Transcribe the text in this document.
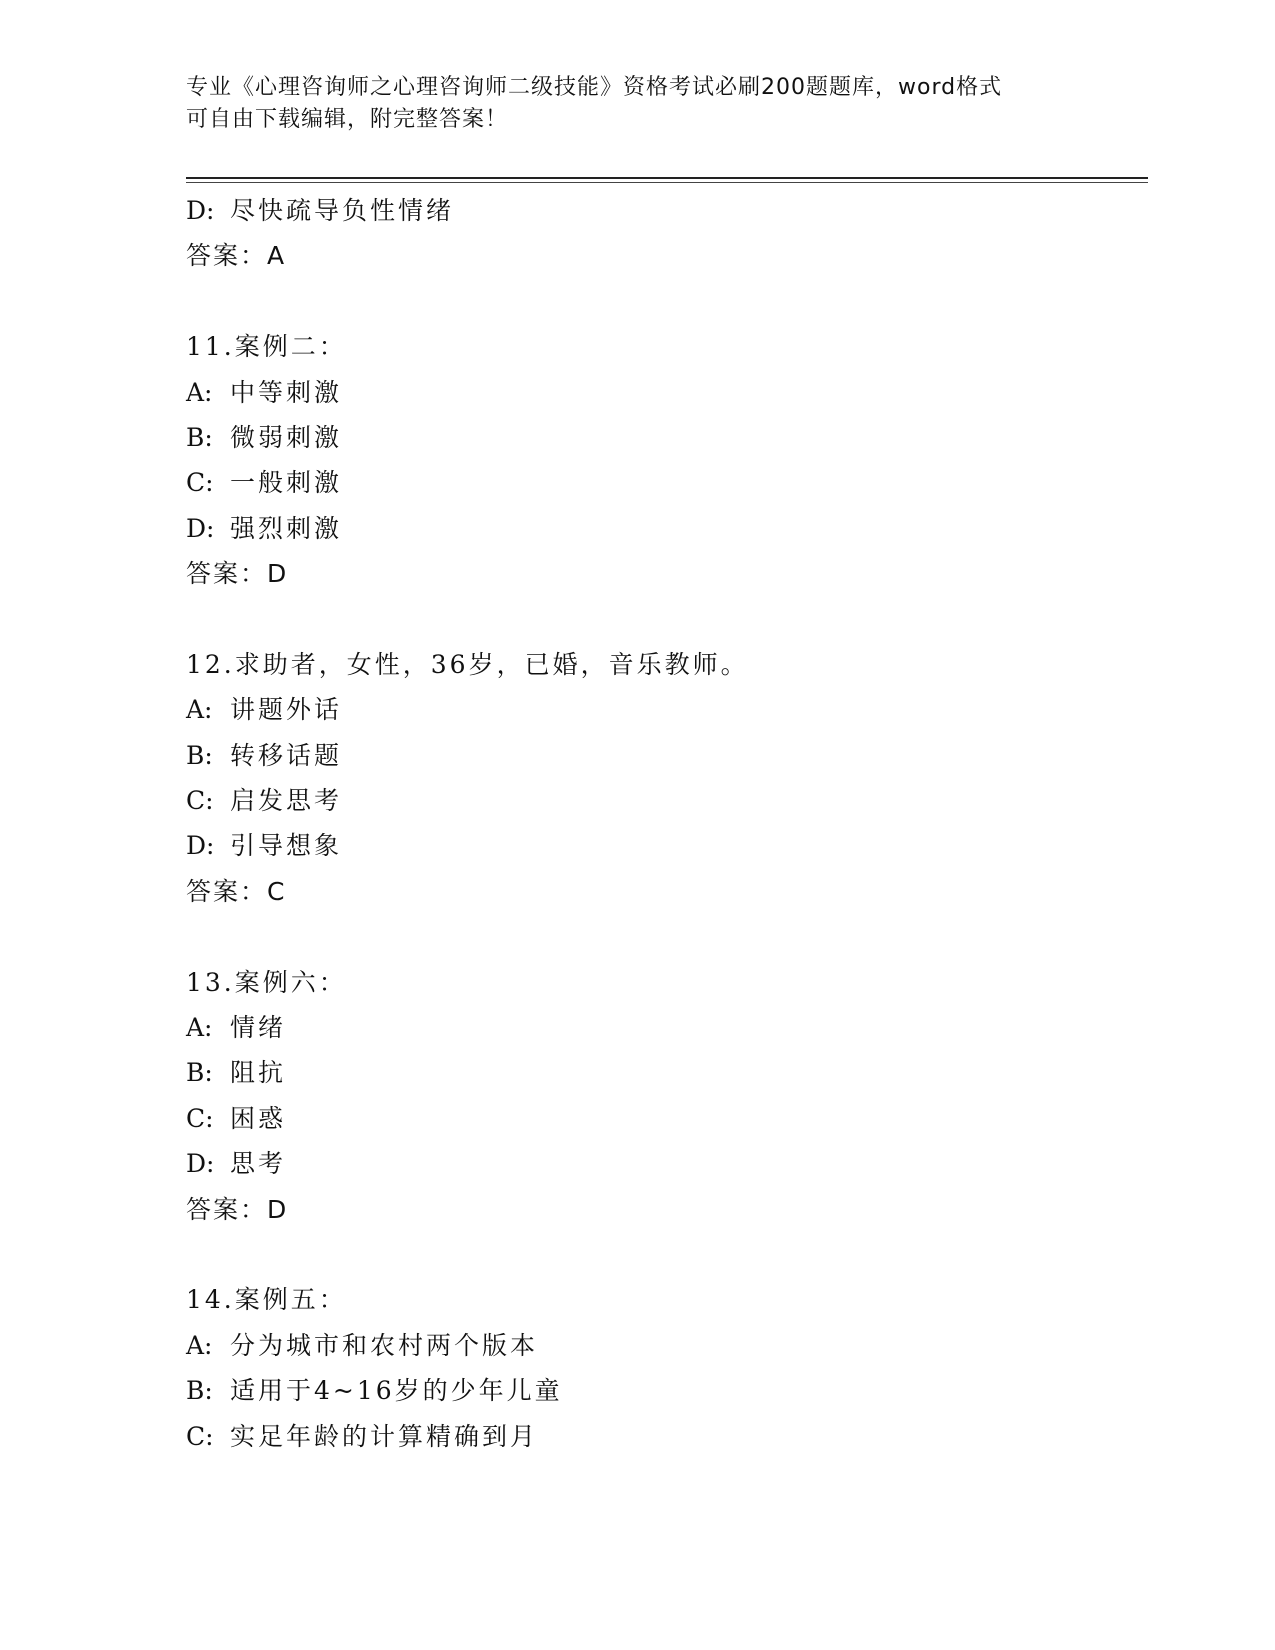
专业《心理咨询师之心理咨询师二级技能》资格考试必刷200题题库，word格式
可自由下载编辑，附完整答案！
D: 尽快疏导负性情绪
答案：A
11.案例二：
A: 中等刺激
B: 微弱刺激
C: 一般刺激
D: 强烈刺激
答案：D
12.求助者，女性，36岁，已婚，音乐教师。
A: 讲题外话
B: 转移话题
C: 启发思考
D: 引导想象
答案：C
13.案例六：
A: 情绪
B: 阻抗
C: 困惑
D: 思考
答案：D
14.案例五：
A: 分为城市和农村两个版本
B: 适用于4~16岁的少年儿童
C: 实足年龄的计算精确到月
